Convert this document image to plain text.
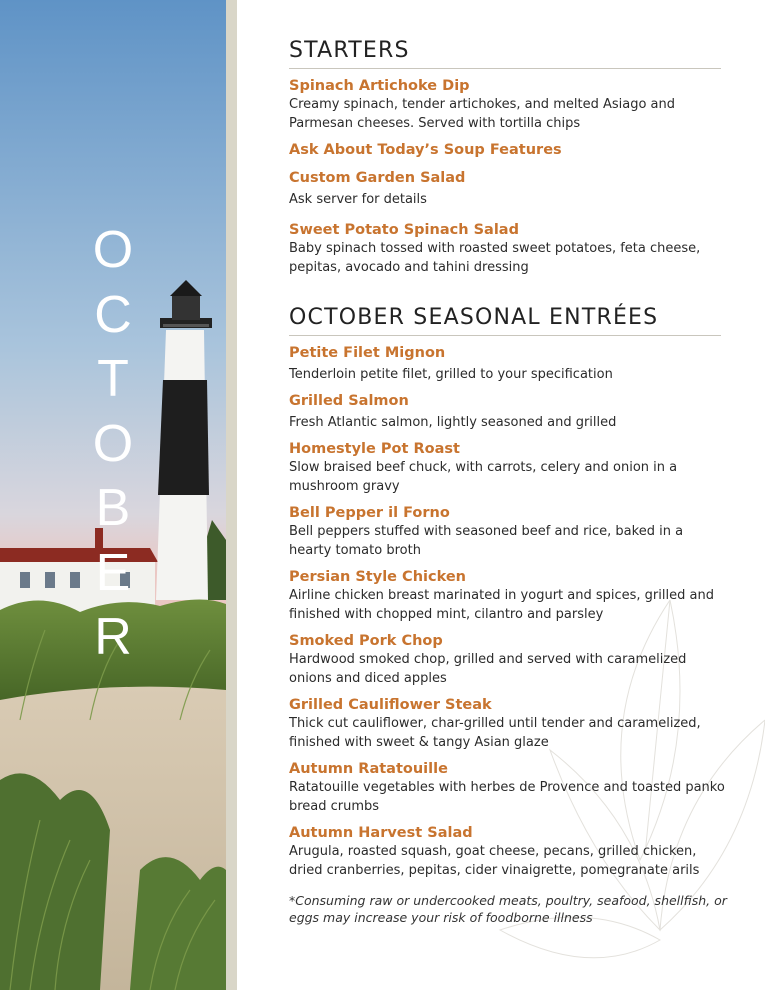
O
C
T
O
B
E
R
STARTERS
Spinach Artichoke Dip
Creamy spinach, tender artichokes, and melted Asiago and Parmesan cheeses. Served with tortilla chips
Ask About Today’s Soup Features
Custom Garden Salad
Ask server for details
Sweet Potato Spinach Salad
Baby spinach tossed with roasted sweet potatoes, feta cheese, pepitas, avocado and tahini dressing
OCTOBER SEASONAL ENTRÉES
Petite Filet Mignon
Tenderloin petite filet, grilled to your specification
Grilled Salmon
Fresh Atlantic salmon, lightly seasoned and grilled
Homestyle Pot Roast
Slow braised beef chuck, with carrots, celery and onion in a mushroom gravy
Bell Pepper il Forno
Bell peppers stuffed with seasoned beef and rice, baked in a hearty tomato broth
Persian Style Chicken
Airline chicken breast marinated in yogurt and spices, grilled and finished with chopped mint, cilantro and parsley
Smoked Pork Chop
Hardwood smoked chop, grilled and served with caramelized onions and diced apples
Grilled Cauliflower Steak
Thick cut cauliflower, char-grilled until tender and caramelized, finished with sweet & tangy Asian glaze
Autumn Ratatouille
Ratatouille vegetables with herbes de Provence and toasted panko bread crumbs
Autumn Harvest Salad
Arugula, roasted squash, goat cheese, pecans, grilled chicken, dried cranberries, pepitas, cider vinaigrette, pomegranate arils
*Consuming raw or undercooked meats, poultry, seafood, shellfish, or eggs may increase your risk of foodborne illness
